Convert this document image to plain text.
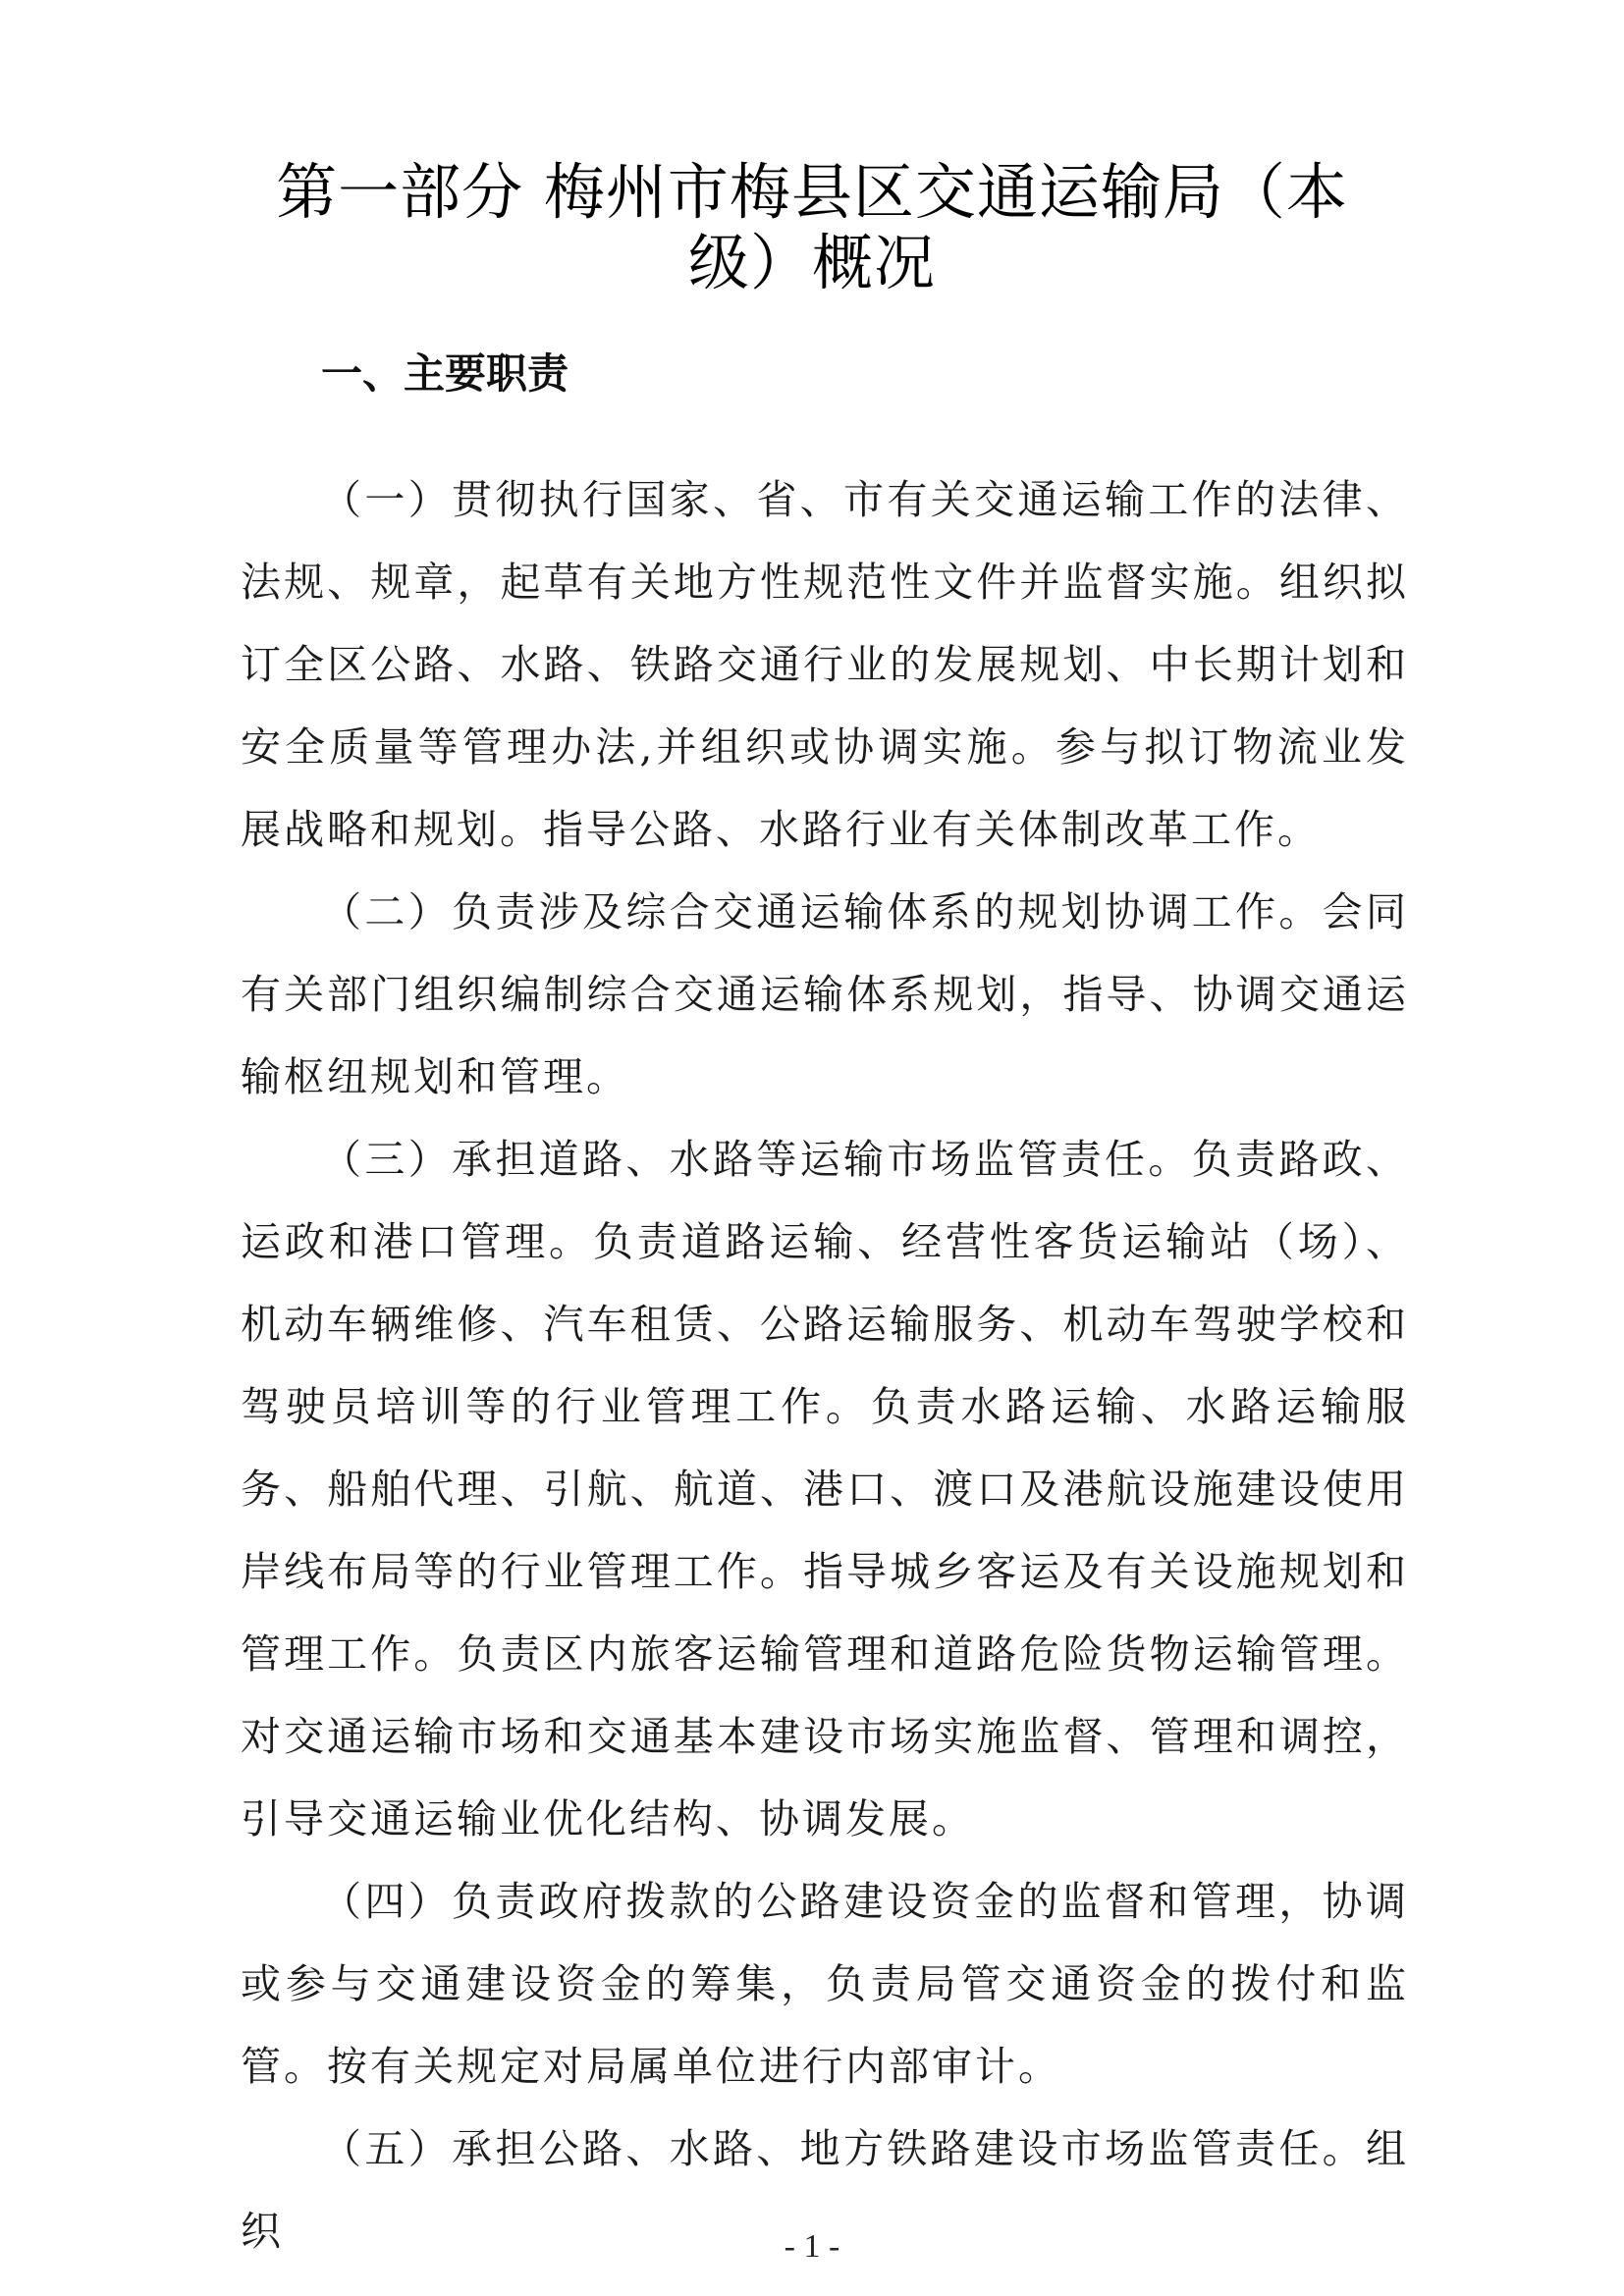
第一部分 梅州市梅县区交通运输局（本
级）概况
一、主要职责

（一）贯彻执行国家、省、市有关交通运输工作的法律、法规、规章，起草有关地方性规范性文件并监督实施。组织拟订全区公路、水路、铁路交通行业的发展规划、中长期计划和安全质量等管理办法,并组织或协调实施。参与拟订物流业发展战略和规划。指导公路、水路行业有关体制改革工作。

（二）负责涉及综合交通运输体系的规划协调工作。会同有关部门组织编制综合交通运输体系规划，指导、协调交通运输枢纽规划和管理。

（三）承担道路、水路等运输市场监管责任。负责路政、运政和港口管理。负责道路运输、经营性客货运输站（场）、机动车辆维修、汽车租赁、公路运输服务、机动车驾驶学校和驾驶员培训等的行业管理工作。负责水路运输、水路运输服务、船舶代理、引航、航道、港口、渡口及港航设施建设使用岸线布局等的行业管理工作。指导城乡客运及有关设施规划和管理工作。负责区内旅客运输管理和道路危险货物运输管理。对交通运输市场和交通基本建设市场实施监督、管理和调控，引导交通运输业优化结构、协调发展。

（四）负责政府拨款的公路建设资金的监督和管理，协调或参与交通建设资金的筹集，负责局管交通资金的拨付和监管。按有关规定对局属单位进行内部审计。

（五）承担公路、水路、地方铁路建设市场监管责任。组织	- 1 -
